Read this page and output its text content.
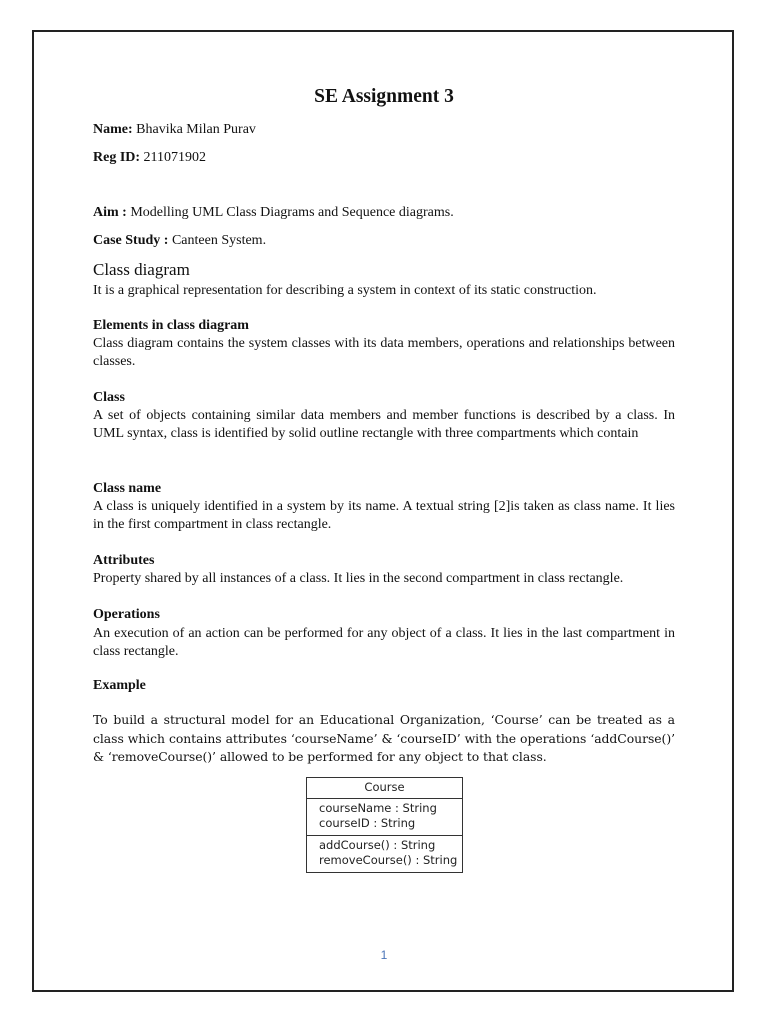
SE Assignment 3
Name: Bhavika Milan Purav
Reg ID: 211071902
Aim : Modelling UML Class Diagrams and Sequence diagrams.
Case Study : Canteen System.
Class diagram
It is a graphical representation for describing a system in context of its static construction.
Elements in class diagram
Class diagram contains the system classes with its data members, operations and relationships between classes.
Class
A set of objects containing similar data members and member functions is described by a class. In UML syntax, class is identified by solid outline rectangle with three compartments which contain
Class name
A class is uniquely identified in a system by its name. A textual string [2]is taken as class name. It lies in the first compartment in class rectangle.
Attributes
Property shared by all instances of a class. It lies in the second compartment in class rectangle.
Operations
An execution of an action can be performed for any object of a class. It lies in the last compartment in class rectangle.
Example
To build a structural model for an Educational Organization, ‘Course’ can be treated as a class which contains attributes ‘courseName’ & ‘courseID’ with the operations ‘addCourse()’ & ‘removeCourse()’ allowed to be performed for any object to that class.
Course
courseName : String
courseID : String
addCourse() : String
removeCourse() : String
1
